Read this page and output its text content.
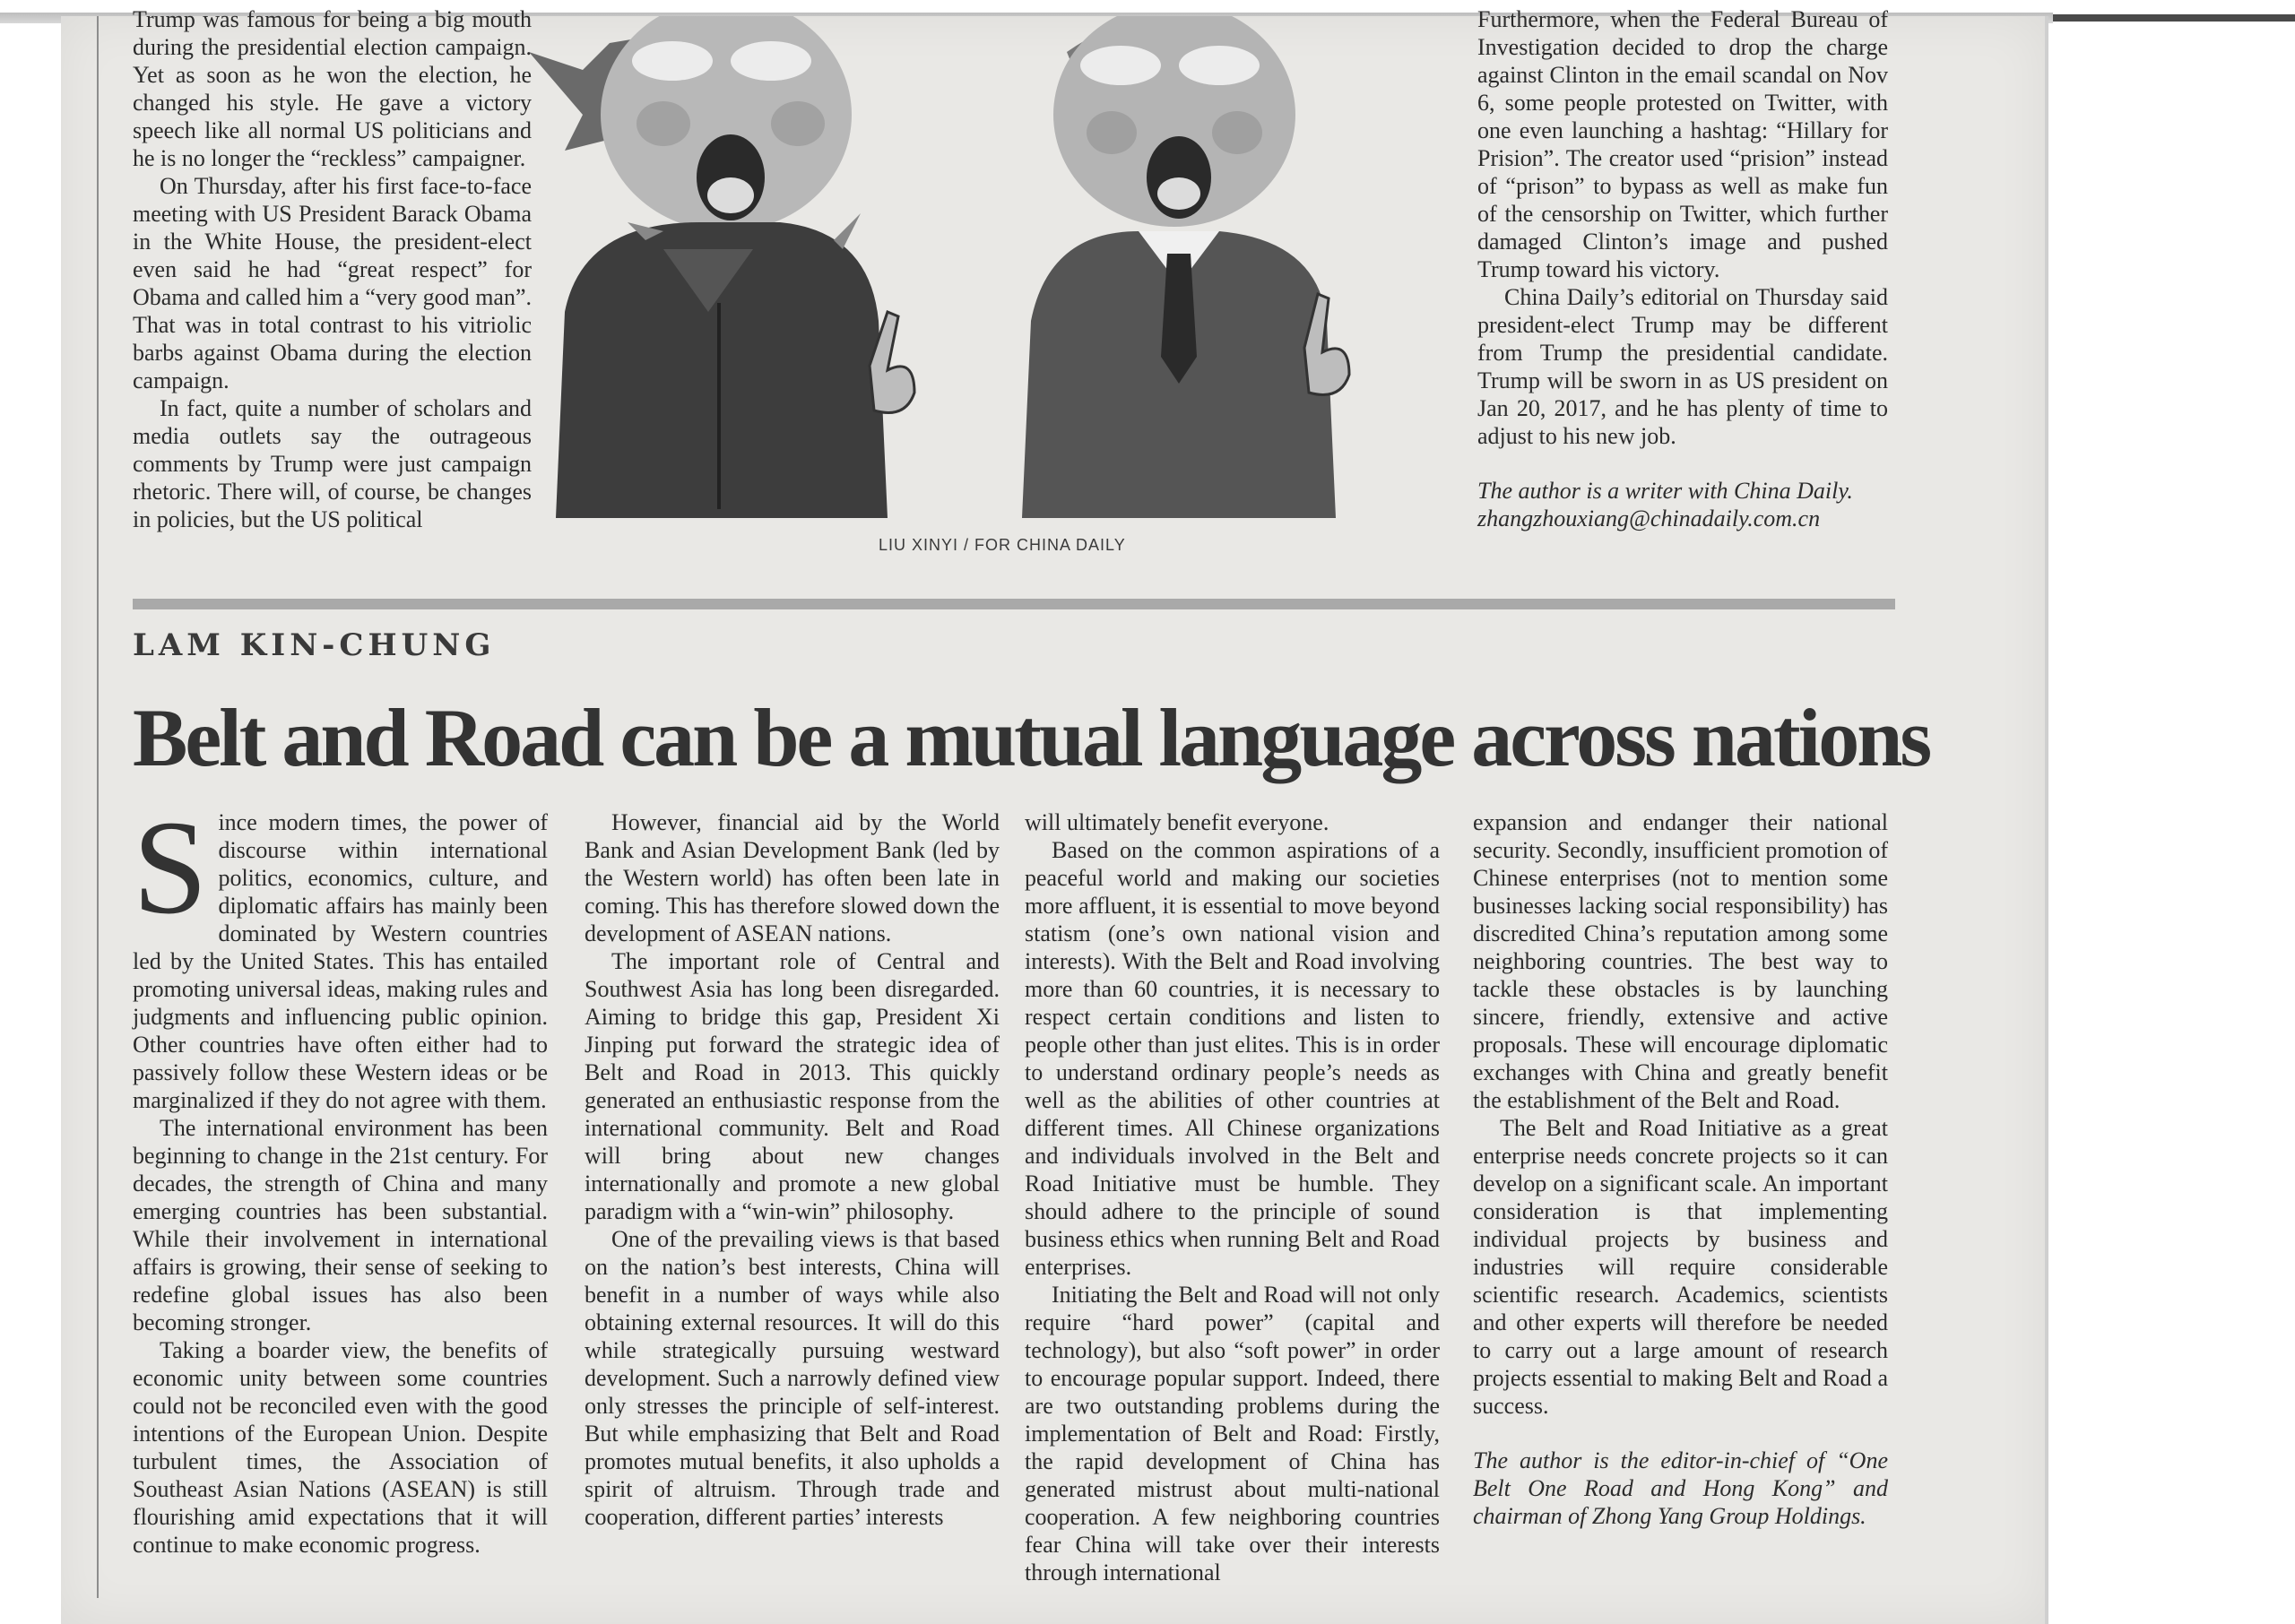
Trump was famous for being a big mouth during the presidential election campaign. Yet as soon as he won the election, he changed his style. He gave a victory speech like all normal US politicians and he is no longer the “reckless” campaigner.

On Thursday, after his first face-to-face meeting with US President Barack Obama in the White House, the president-elect even said he had “great respect” for Obama and called him a “very good man”. That was in total contrast to his vitriolic barbs against Obama during the election campaign.

In fact, quite a number of scholars and media outlets say the outrageous comments by Trump were just campaign rhetoric. There will, of course, be changes in policies, but the US political

LIU XINYI / FOR CHINA DAILY

Furthermore, when the Federal Bureau of Investigation decided to drop the charge against Clinton in the email scandal on Nov 6, some people protested on Twitter, with one even launching a hashtag: “Hillary for Prision”. The creator used “prision” instead of “prison” to bypass as well as make fun of the censorship on Twitter, which further damaged Clinton’s image and pushed Trump toward his victory.

China Daily’s editorial on Thursday said president-elect Trump may be different from Trump the presidential candidate. Trump will be sworn in as US president on Jan 20, 2017, and he has plenty of time to adjust to his new job.

The author is a writer with China Daily.

zhangzhouxiang@chinadaily.com.cn

LAM KIN-CHUNG
Belt and Road can be a mutual language across nations

Since modern times, the power of discourse within international politics, economics, culture, and diplomatic affairs has mainly been dominated by Western countries led by the United States. This has entailed promoting universal ideas, making rules and judgments and influencing public opinion. Other countries have often either had to passively follow these Western ideas or be marginalized if they do not agree with them.

The international environment has been beginning to change in the 21st century. For decades, the strength of China and many emerging countries has been substantial. While their involvement in international affairs is growing, their sense of seeking to redefine global issues has also been becoming stronger.

Taking a boarder view, the benefits of economic unity between some countries could not be reconciled even with the good intentions of the European Union. Despite turbulent times, the Association of Southeast Asian Nations (ASEAN) is still flourishing amid expectations that it will continue to make economic progress.

However, financial aid by the World Bank and Asian Development Bank (led by the Western world) has often been late in coming. This has therefore slowed down the development of ASEAN nations.

The important role of Central and Southwest Asia has long been disregarded. Aiming to bridge this gap, President Xi Jinping put forward the strategic idea of Belt and Road in 2013. This quickly generated an enthusiastic response from the international community. Belt and Road will bring about new changes internationally and promote a new global paradigm with a “win-win” philosophy.

One of the prevailing views is that based on the nation’s best interests, China will benefit in a number of ways while also obtaining external resources. It will do this while strategically pursuing westward development. Such a narrowly defined view only stresses the principle of self-interest. But while emphasizing that Belt and Road promotes mutual benefits, it also upholds a spirit of altruism. Through trade and cooperation, different parties’ interests

will ultimately benefit everyone.

Based on the common aspirations of a peaceful world and making our societies more affluent, it is essential to move beyond statism (one’s own national vision and interests). With the Belt and Road involving more than 60 countries, it is necessary to respect certain conditions and listen to people other than just elites. This is in order to understand ordinary people’s needs as well as the abilities of other countries at different times. All Chinese organizations and individuals involved in the Belt and Road Initiative must be humble. They should adhere to the principle of sound business ethics when running Belt and Road enterprises.

Initiating the Belt and Road will not only require “hard power” (capital and technology), but also “soft power” in order to encourage popular support. Indeed, there are two outstanding problems during the implementation of Belt and Road: Firstly, the rapid development of China has generated mistrust about multi-national cooperation. A few neighboring countries fear China will take over their interests through international

expansion and endanger their national security. Secondly, insufficient promotion of Chinese enterprises (not to mention some businesses lacking social responsibility) has discredited China’s reputation among some neighboring countries. The best way to tackle these obstacles is by launching sincere, friendly, extensive and active proposals. These will encourage diplomatic exchanges with China and greatly benefit the establishment of the Belt and Road.

The Belt and Road Initiative as a great enterprise needs concrete projects so it can develop on a significant scale. An important consideration is that implementing individual projects by business and industries will require considerable scientific research. Academics, scientists and other experts will therefore be needed to carry out a large amount of research projects essential to making Belt and Road a success.

The author is the editor-in-chief of “One Belt One Road and Hong Kong” and chairman of Zhong Yang Group Holdings.
